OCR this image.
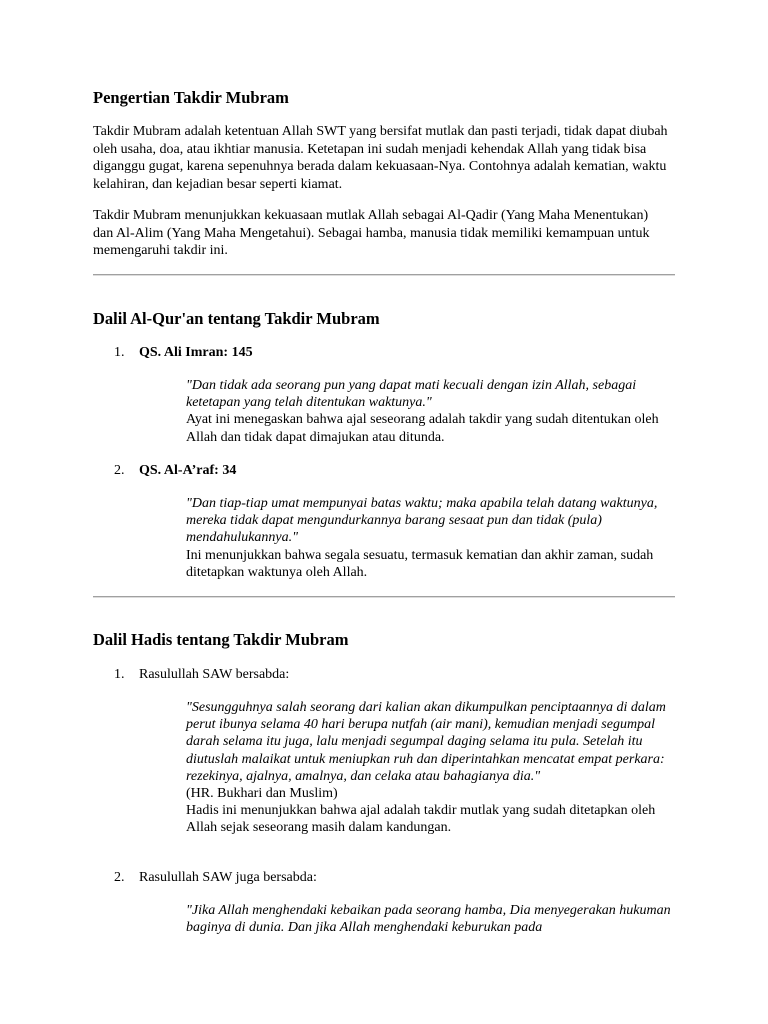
Pengertian Takdir Mubram

Takdir Mubram adalah ketentuan Allah SWT yang bersifat mutlak dan pasti terjadi, tidak dapat diubah oleh usaha, doa, atau ikhtiar manusia. Ketetapan ini sudah menjadi kehendak Allah yang tidak bisa diganggu gugat, karena sepenuhnya berada dalam kekuasaan-Nya. Contohnya adalah kematian, waktu kelahiran, dan kejadian besar seperti kiamat.

Takdir Mubram menunjukkan kekuasaan mutlak Allah sebagai Al-Qadir (Yang Maha Menentukan) dan Al-Alim (Yang Maha Mengetahui). Sebagai hamba, manusia tidak memiliki kemampuan untuk memengaruhi takdir ini.

Dalil Al-Qur'an tentang Takdir Mubram
1. QS. Ali Imran: 145
"Dan tidak ada seorang pun yang dapat mati kecuali dengan izin Allah, sebagai ketetapan yang telah ditentukan waktunya."
Ayat ini menegaskan bahwa ajal seseorang adalah takdir yang sudah ditentukan oleh Allah dan tidak dapat dimajukan atau ditunda.
2. QS. Al-A’raf: 34
"Dan tiap-tiap umat mempunyai batas waktu; maka apabila telah datang waktunya, mereka tidak dapat mengundurkannya barang sesaat pun dan tidak (pula) mendahulukannya."
Ini menunjukkan bahwa segala sesuatu, termasuk kematian dan akhir zaman, sudah ditetapkan waktunya oleh Allah.
Dalil Hadis tentang Takdir Mubram
1. Rasulullah SAW bersabda:
"Sesungguhnya salah seorang dari kalian akan dikumpulkan penciptaannya di dalam perut ibunya selama 40 hari berupa nutfah (air mani), kemudian menjadi segumpal darah selama itu juga, lalu menjadi segumpal daging selama itu pula. Setelah itu diutuslah malaikat untuk meniupkan ruh dan diperintahkan mencatat empat perkara: rezekinya, ajalnya, amalnya, dan celaka atau bahagianya dia."
(HR. Bukhari dan Muslim)
Hadis ini menunjukkan bahwa ajal adalah takdir mutlak yang sudah ditetapkan oleh Allah sejak seseorang masih dalam kandungan.
2. Rasulullah SAW juga bersabda:
"Jika Allah menghendaki kebaikan pada seorang hamba, Dia menyegerakan hukuman baginya di dunia. Dan jika Allah menghendaki keburukan pada
